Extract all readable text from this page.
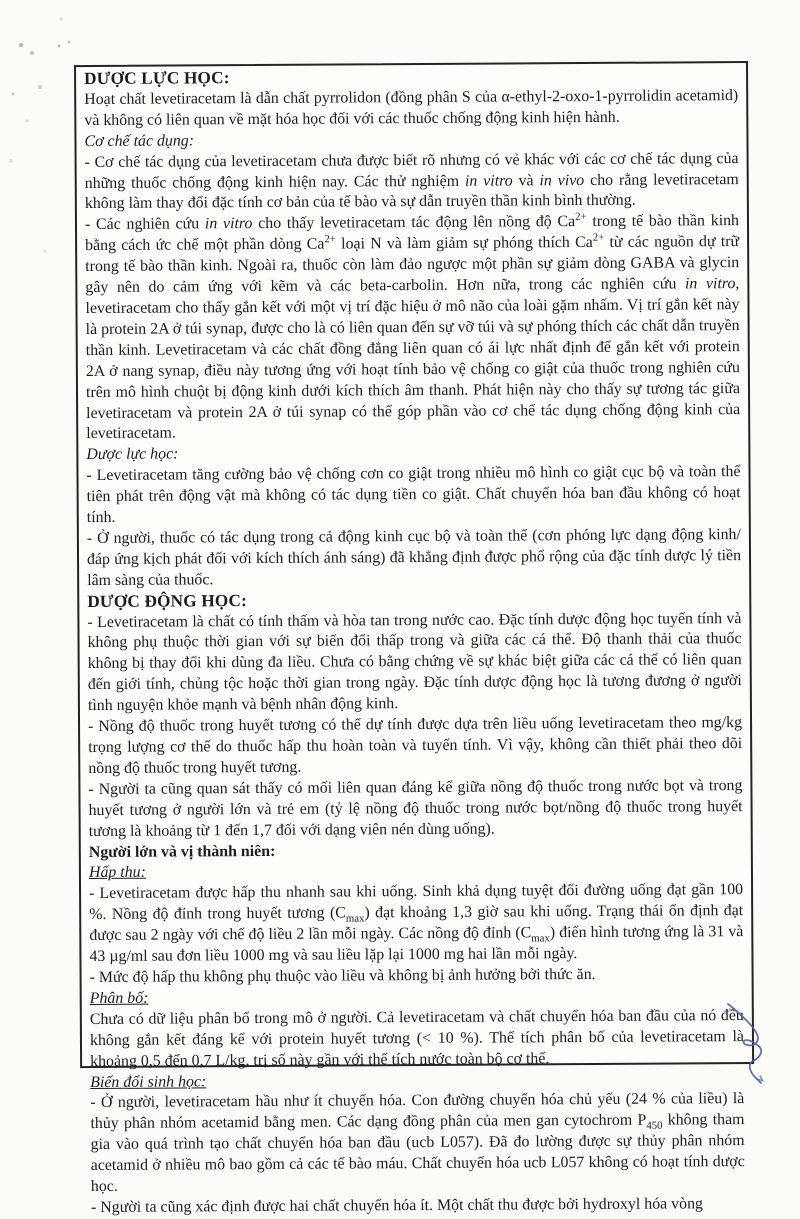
DƯỢC LỰC HỌC:

Hoạt chất levetiracetam là dẫn chất pyrrolidon (đồng phân S của α-ethyl-2-oxo-1-pyrrolidin acetamid) và không có liên quan về mặt hóa học đối với các thuốc chống động kinh hiện hành.

Cơ chế tác dụng:

- Cơ chế tác dụng của levetiracetam chưa được biết rõ nhưng có vẻ khác với các cơ chế tác dụng của những thuốc chống động kinh hiện nay. Các thử nghiệm in vitro và in vivo cho rằng levetiracetam không làm thay đổi đặc tính cơ bản của tế bào và sự dẫn truyền thần kinh bình thường.

- Các nghiên cứu in vitro cho thấy levetiracetam tác động lên nồng độ $Ca^{2+}$ trong tế bào thần kinh bằng cách ức chế một phần dòng $Ca^{2+}$ loại N và làm giảm sự phóng thích $Ca^{2+}$ từ các nguồn dự trữ trong tế bào thần kinh. Ngoài ra, thuốc còn làm đảo ngược một phần sự giảm dòng GABA và glycin gây nên do cảm ứng với kẽm và các beta-carbolin. Hơn nữa, trong các nghiên cứu in vitro, levetiracetam cho thấy gắn kết với một vị trí đặc hiệu ở mô não của loài gặm nhấm. Vị trí gắn kết này là protein 2A ở túi synap, được cho là có liên quan đến sự vỡ túi và sự phóng thích các chất dẫn truyền thần kinh. Levetiracetam và các chất đồng đẳng liên quan có ái lực nhất định để gắn kết với protein 2A ở nang synap, điều này tương ứng với hoạt tính bảo vệ chống co giật của thuốc trong nghiên cứu trên mô hình chuột bị động kinh dưới kích thích âm thanh. Phát hiện này cho thấy sự tương tác giữa levetiracetam và protein 2A ở túi synap có thể góp phần vào cơ chế tác dụng chống động kinh của levetiracetam.

Dược lực học:

- Levetiracetam tăng cường bảo vệ chống cơn co giật trong nhiều mô hình co giật cục bộ và toàn thể tiên phát trên động vật mà không có tác dụng tiền co giật. Chất chuyển hóa ban đầu không có hoạt tính.

- Ở người, thuốc có tác dụng trong cả động kinh cục bộ và toàn thể (cơn phóng lực dạng động kinh/ đáp ứng kịch phát đối với kích thích ánh sáng) đã khẳng định được phổ rộng của đặc tính dược lý tiền lâm sàng của thuốc.

DƯỢC ĐỘNG HỌC:

- Levetiracetam là chất có tính thấm và hòa tan trong nước cao. Đặc tính dược động học tuyến tính và không phụ thuộc thời gian với sự biến đổi thấp trong và giữa các cá thể. Độ thanh thải của thuốc không bị thay đổi khi dùng đa liều. Chưa có bằng chứng về sự khác biệt giữa các cá thể có liên quan đến giới tính, chủng tộc hoặc thời gian trong ngày. Đặc tính dược động học là tương đương ở người tình nguyện khỏe mạnh và bệnh nhân động kinh.

- Nồng độ thuốc trong huyết tương có thể dự tính được dựa trên liều uống levetiracetam theo mg/kg trọng lượng cơ thể do thuốc hấp thu hoàn toàn và tuyến tính. Vì vậy, không cần thiết phải theo dõi nồng độ thuốc trong huyết tương.

- Người ta cũng quan sát thấy có mối liên quan đáng kể giữa nồng độ thuốc trong nước bọt và trong huyết tương ở người lớn và trẻ em (tỷ lệ nồng độ thuốc trong nước bọt/nồng độ thuốc trong huyết tương là khoảng từ 1 đến 1,7 đối với dạng viên nén dùng uống).

Người lớn và vị thành niên:

Hấp thu:

- Levetiracetam được hấp thu nhanh sau khi uống. Sinh khả dụng tuyệt đối đường uống đạt gần 100 %. Nồng độ đỉnh trong huyết tương $(C_{max})$ đạt khoảng 1,3 giờ sau khi uống. Trạng thái ổn định đạt được sau 2 ngày với chế độ liều 2 lần mỗi ngày. Các nồng độ đỉnh $(C_{max})$ điển hình tương ứng là 31 và 43 µg/ml sau đơn liều 1000 mg và sau liều lặp lại 1000 mg hai lần mỗi ngày.

- Mức độ hấp thu không phụ thuộc vào liều và không bị ảnh hưởng bởi thức ăn.

Phân bố:

Chưa có dữ liệu phân bố trong mô ở người. Cả levetiracetam và chất chuyển hóa ban đầu của nó đều không gắn kết đáng kể với protein huyết tương (< 10 %). Thể tích phân bố của levetiracetam là khoảng 0,5 đến 0,7 L/kg, trị số này gần với thể tích nước toàn bộ cơ thể.

Biến đổi sinh học:

- Ở người, levetiracetam hầu như ít chuyển hóa. Con đường chuyển hóa chủ yếu (24 % của liều) là thủy phân nhóm acetamid bằng men. Các dạng đồng phân của men gan cytochrom $P_{450}$ không tham gia vào quá trình tạo chất chuyển hóa ban đầu (ucb L057). Đã đo lường được sự thủy phân nhóm acetamid ở nhiều mô bao gồm cả các tế bào máu. Chất chuyển hóa ucb L057 không có hoạt tính dược học.

- Người ta cũng xác định được hai chất chuyển hóa ít. Một chất thu được bởi hydroxyl hóa vòng
